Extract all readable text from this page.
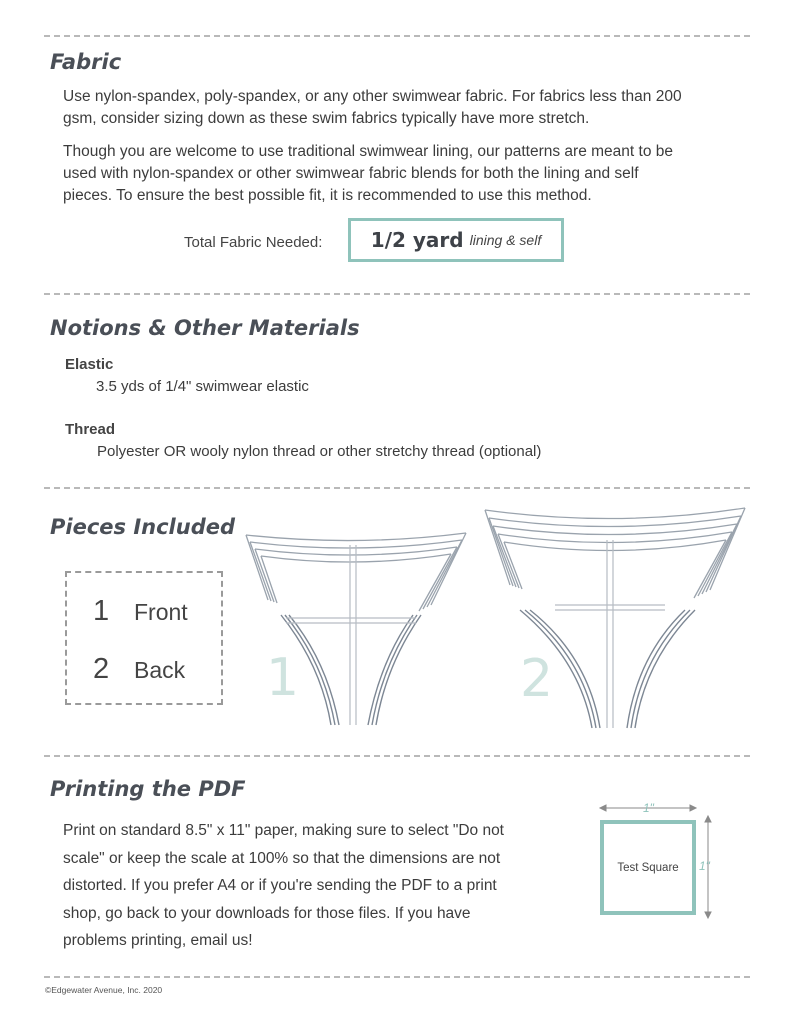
Fabric
Use nylon-spandex, poly-spandex, or any other swimwear fabric. For fabrics less than 200
gsm, consider sizing down as these swim fabrics typically have more stretch.
Though you are welcome to use traditional swimwear lining, our patterns are meant to be
used with nylon-spandex or other swimwear fabric blends for both the lining and self
pieces. To ensure the best possible fit, it is recommended to use this method.
Total Fabric Needed: 1/2 yard lining & self
Notions & Other Materials
Elastic
3.5 yds of 1/4" swimwear elastic
Thread
Polyester OR wooly nylon thread or other stretchy thread (optional)
Pieces Included
1	Front
2	Back 1	2
Printing the PDF
Print on standard 8.5" x 11" paper, making sure to select "Do not
scale" or keep the scale at 100% so that the dimensions are not
distorted. If you prefer A4 or if you're sending the PDF to a print
shop, go back to your downloads for those files. If you have
problems printing, email us!
1"
1"
Test Square
©Edgewater Avenue, Inc. 2020
